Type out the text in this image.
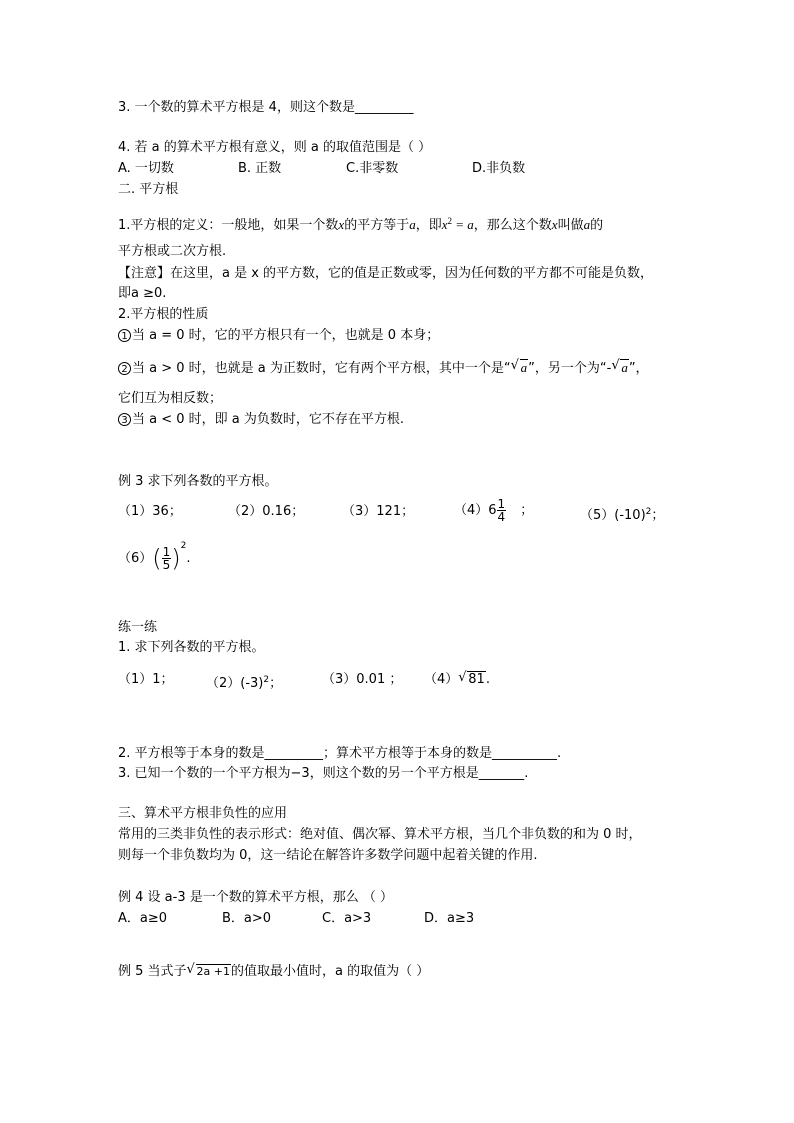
3. 一个数的算术平方根是 4，则这个数是_________
4. 若 a 的算术平方根有意义，则 a 的取值范围是（ ）
A. 一切数	B. 正数	C.非零数	D.非负数
二. 平方根
1.平方根的定义：一般地，如果一个数x的平方等于a，即$x^2 = a$，那么这个数x叫做a的
平方根或二次方根.
【注意】在这里，a 是 x 的平方数，它的值是正数或零，因为任何数的平方都不可能是负数，
即a ≥0.
2.平方根的性质
1 当 a = 0 时，它的平方根只有一个，也就是 0 本身；
2 当 a > 0 时，也就是 a 为正数时，它有两个平方根，其中一个是“ √ a”，另一个为“- √ a”，
它们互为相反数；
3 当 a < 0 时，即 a 为负数时，它不存在平方根.
例 3 求下列各数的平方根。
（1）36；	（2）0.16；	（3）121；	$(4)6 \frac{1}{4}$ ；	$(5)(-10)^2$；
$(6)( \frac{1}{5} )^2$.
练一练
1. 求下列各数的平方根。
（1）1； $(2)(-3)^2$；	（3）0.01 ； （4） √ 81.
2. 平方根等于本身的数是_________；算术平方根等于本身的数是__________.
3. 已知一个数的一个平方根为−3，则这个数的另一个平方根是_______.
三、算术平方根非负性的应用
常用的三类非负性的表示形式：绝对值、偶次幂、算术平方根，当几个非负数的和为 0 时，
则每一个非负数均为 0，这一结论在解答许多数学问题中起着关键的作用.
例 4 设 a-3 是一个数的算术平方根，那么 （ ）
A．a≥0	B．a>0	C．a>3	D．a≥3
例 5 当式子 √ 2a +1的值取最小值时，a 的取值为（ ）
